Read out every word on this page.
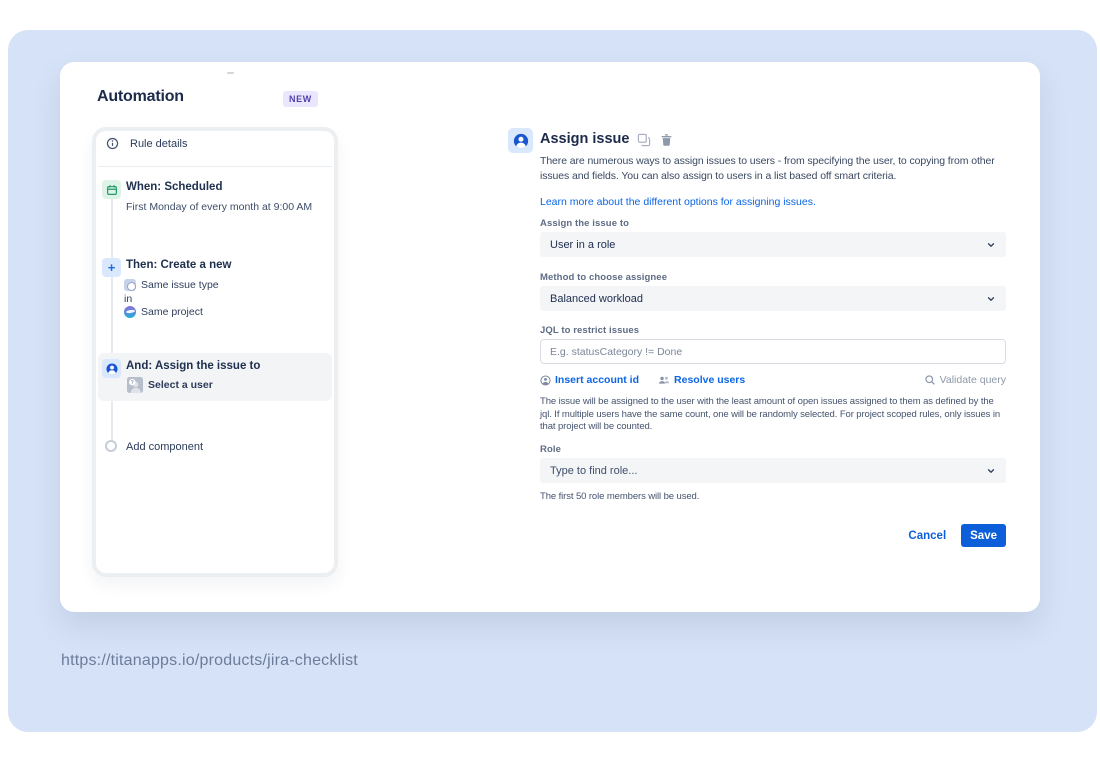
Automation	NEW
Rule details
When: Scheduled
First Monday of every month at 9:00 AM
+
Then: Create a new
Same issue type
in
Same project
And: Assign the issue to
? Select a user
Add component
Assign issue
There are numerous ways to assign issues to users - from specifying the user, to copying from other issues and fields. You can also assign to users in a list based off smart criteria.
Learn more about the different options for assigning issues.
Assign the issue to
User in a role
Method to choose assignee
Balanced workload
JQL to restrict issues
E.g. statusCategory != Done
Insert account id	Resolve users	Validate query
The issue will be assigned to the user with the least amount of open issues assigned to them as defined by the jql. If multiple users have the same count, one will be randomly selected. For project scoped rules, only issues in that project will be counted.
Role
Type to find role...
The first 50 role members will be used.
Cancel	Save
https://titanapps.io/products/jira-checklist
